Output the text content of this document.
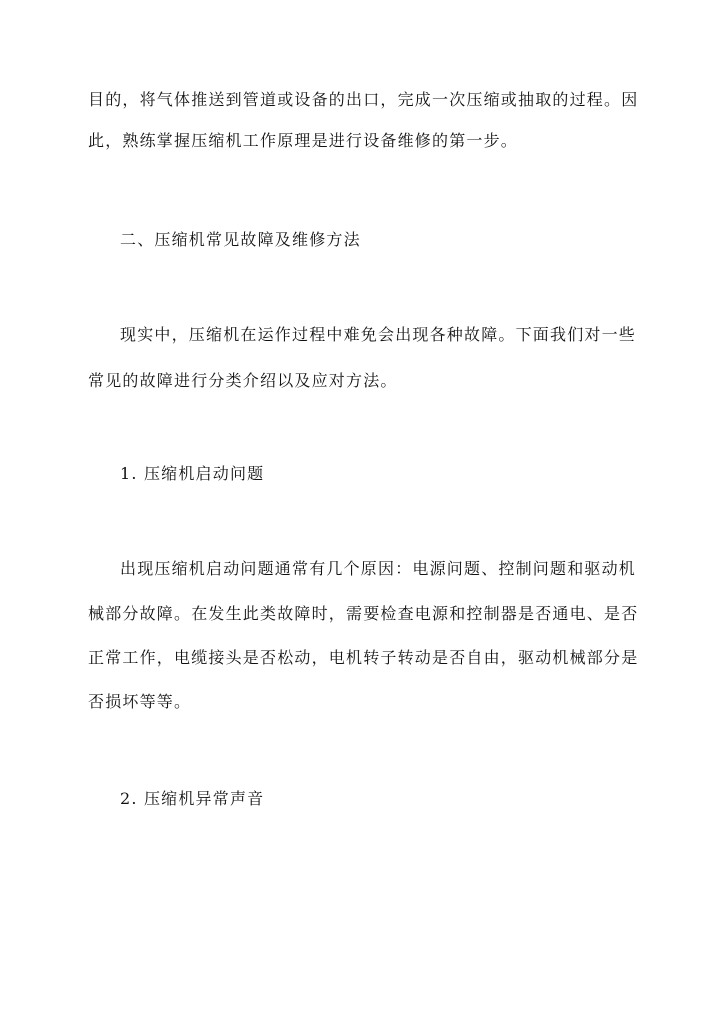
目的，将气体推送到管道或设备的出口，完成一次压缩或抽取的过程。因
此，熟练掌握压缩机工作原理是进行设备维修的第一步。
二、压缩机常见故障及维修方法
现实中，压缩机在运作过程中难免会出现各种故障。下面我们对一些
常见的故障进行分类介绍以及应对方法。
1. 压缩机启动问题
出现压缩机启动问题通常有几个原因：电源问题、控制问题和驱动机
械部分故障。在发生此类故障时，需要检查电源和控制器是否通电、是否
正常工作，电缆接头是否松动，电机转子转动是否自由，驱动机械部分是
否损坏等等。
2. 压缩机异常声音
